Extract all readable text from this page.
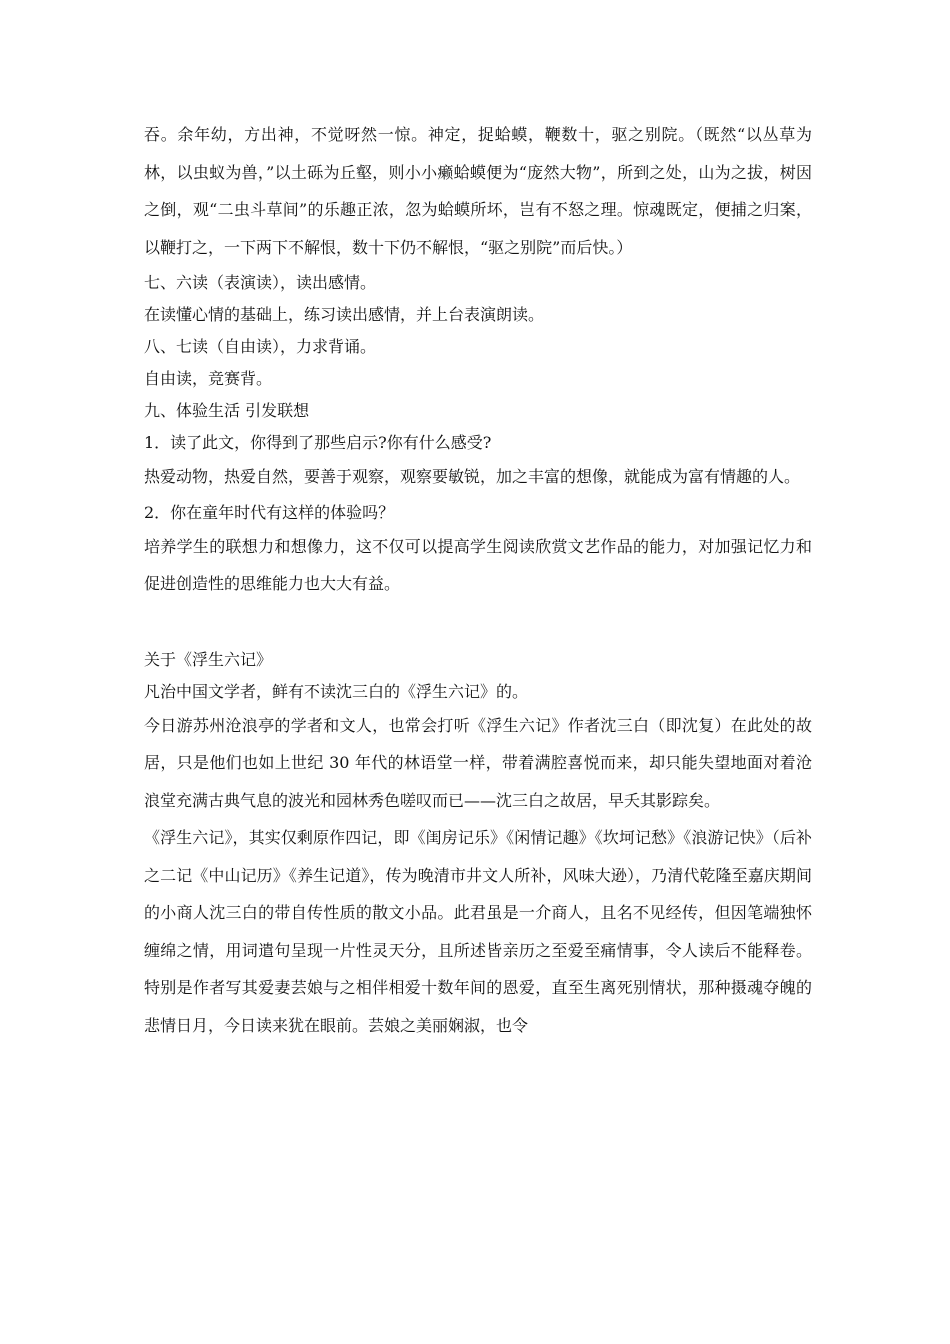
吞。余年幼，方出神，不觉呀然一惊。神定，捉蛤蟆，鞭数十，驱之别院。（既然“以丛草为林，以虫蚁为兽，”以土砾为丘壑，则小小癞蛤蟆便为“庞然大物”，所到之处，山为之拔，树因之倒，观“二虫斗草间”的乐趣正浓，忽为蛤蟆所坏，岂有不怒之理。惊魂既定，便捕之归案，以鞭打之，一下两下不解恨，数十下仍不解恨，“驱之别院”而后快。）

七、六读（表演读），读出感情。

在读懂心情的基础上，练习读出感情，并上台表演朗读。

八、七读（自由读），力求背诵。

自由读，竞赛背。

九、体验生活 引发联想

1．读了此文，你得到了那些启示?你有什么感受?

热爱动物，热爱自然，要善于观察，观察要敏锐，加之丰富的想像，就能成为富有情趣的人。

2．你在童年时代有这样的体验吗？

培养学生的联想力和想像力，这不仅可以提高学生阅读欣赏文艺作品的能力，对加强记忆力和促进创造性的思维能力也大大有益。

关于《浮生六记》

凡治中国文学者，鲜有不读沈三白的《浮生六记》的。

今日游苏州沧浪亭的学者和文人，也常会打听《浮生六记》作者沈三白（即沈复）在此处的故居，只是他们也如上世纪 30 年代的林语堂一样，带着满腔喜悦而来，却只能失望地面对着沧浪堂充满古典气息的波光和园林秀色嗟叹而已——沈三白之故居，早夭其影踪矣。

《浮生六记》，其实仅剩原作四记，即《闺房记乐》《闲情记趣》《坎坷记愁》《浪游记快》（后补之二记《中山记历》《养生记道》，传为晚清市井文人所补，风味大逊），乃清代乾隆至嘉庆期间的小商人沈三白的带自传性质的散文小品。此君虽是一介商人，且名不见经传，但因笔端独怀缠绵之情，用词遣句呈现一片性灵天分，且所述皆亲历之至爱至痛情事，令人读后不能释卷。特别是作者写其爱妻芸娘与之相伴相爱十数年间的恩爱，直至生离死别情状，那种摄魂夺魄的悲情日月，今日读来犹在眼前。芸娘之美丽娴淑，也令
